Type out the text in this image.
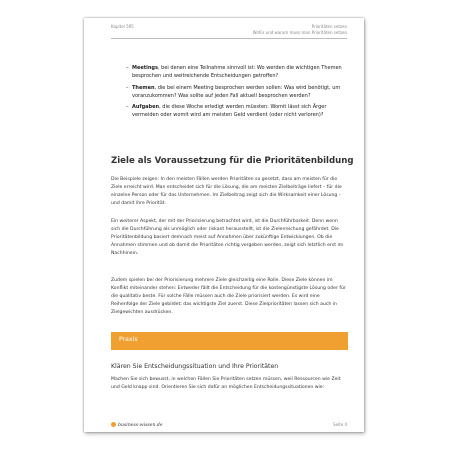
Kapitel 595	Prioritäten setzen
Wofür und warum muss man Prioritäten setzen
– Meetings, bei denen eine Teilnahme sinnvoll ist: Wo werden die wichtigen Themen besprochen und weitreichende Entscheidungen getroffen?
– Themen, die bei einem Meeting besprochen werden sollen: Was wird benötigt, um voranzukommen? Was sollte auf jeden Fall aktuell besprochen werden?
– Aufgaben, die diese Woche erledigt werden müssten: Womit lässt sich Ärger vermeiden oder womit wird am meisten Geld verdient (oder nicht verloren)?
Ziele als Voraussetzung für die Prioritätenbildung

Die Beispiele zeigen: In den meisten Fällen werden Prioritäten so gesetzt, dass am meisten für die Ziele erreicht wird. Man entscheidet sich für die Lösung, die am meisten Zielbeiträge liefert – für die einzelne Person oder für das Unternehmen. Im Zielbeitrag zeigt sich die Wirksamkeit einer Lösung – und damit ihre Priorität.

Ein weiterer Aspekt, der mit der Priorisierung betrachtet wird, ist die Durchführbarkeit. Denn wenn sich die Durchführung als unmöglich oder riskant herausstellt, ist die Zielerreichung gefährdet. Die Prioritätenbildung basiert demnach meist auf Annahmen über zukünftige Entwicklungen. Ob die Annahmen stimmen und ob damit die Prioritäten richtig vergeben werden, zeigt sich letztlich erst im Nachhinein.

Zudem spielen bei der Priorisierung mehrere Ziele gleichzeitig eine Rolle. Diese Ziele können im Konflikt miteinander stehen: Entweder fällt die Entscheidung für die kostengünstigste Lösung oder für die qualitativ beste. Für solche Fälle müssen auch die Ziele priorisiert werden. Es wird eine Reihenfolge der Ziele gebildet; das wichtigste Ziel zuerst. Diese Zielprioritäten lassen sich auch in Zielgewichten ausdrücken.

Praxis
Klären Sie Entscheidungssituation und Ihre Prioritäten

Machen Sie sich bewusst, in welchen Fällen Sie Prioritäten setzen müssen, weil Ressourcen wie Zeit und Geld knapp sind. Orientieren Sie sich dafür an möglichen Entscheidungssituationen wie:

business-wissen.de	Seite 4
